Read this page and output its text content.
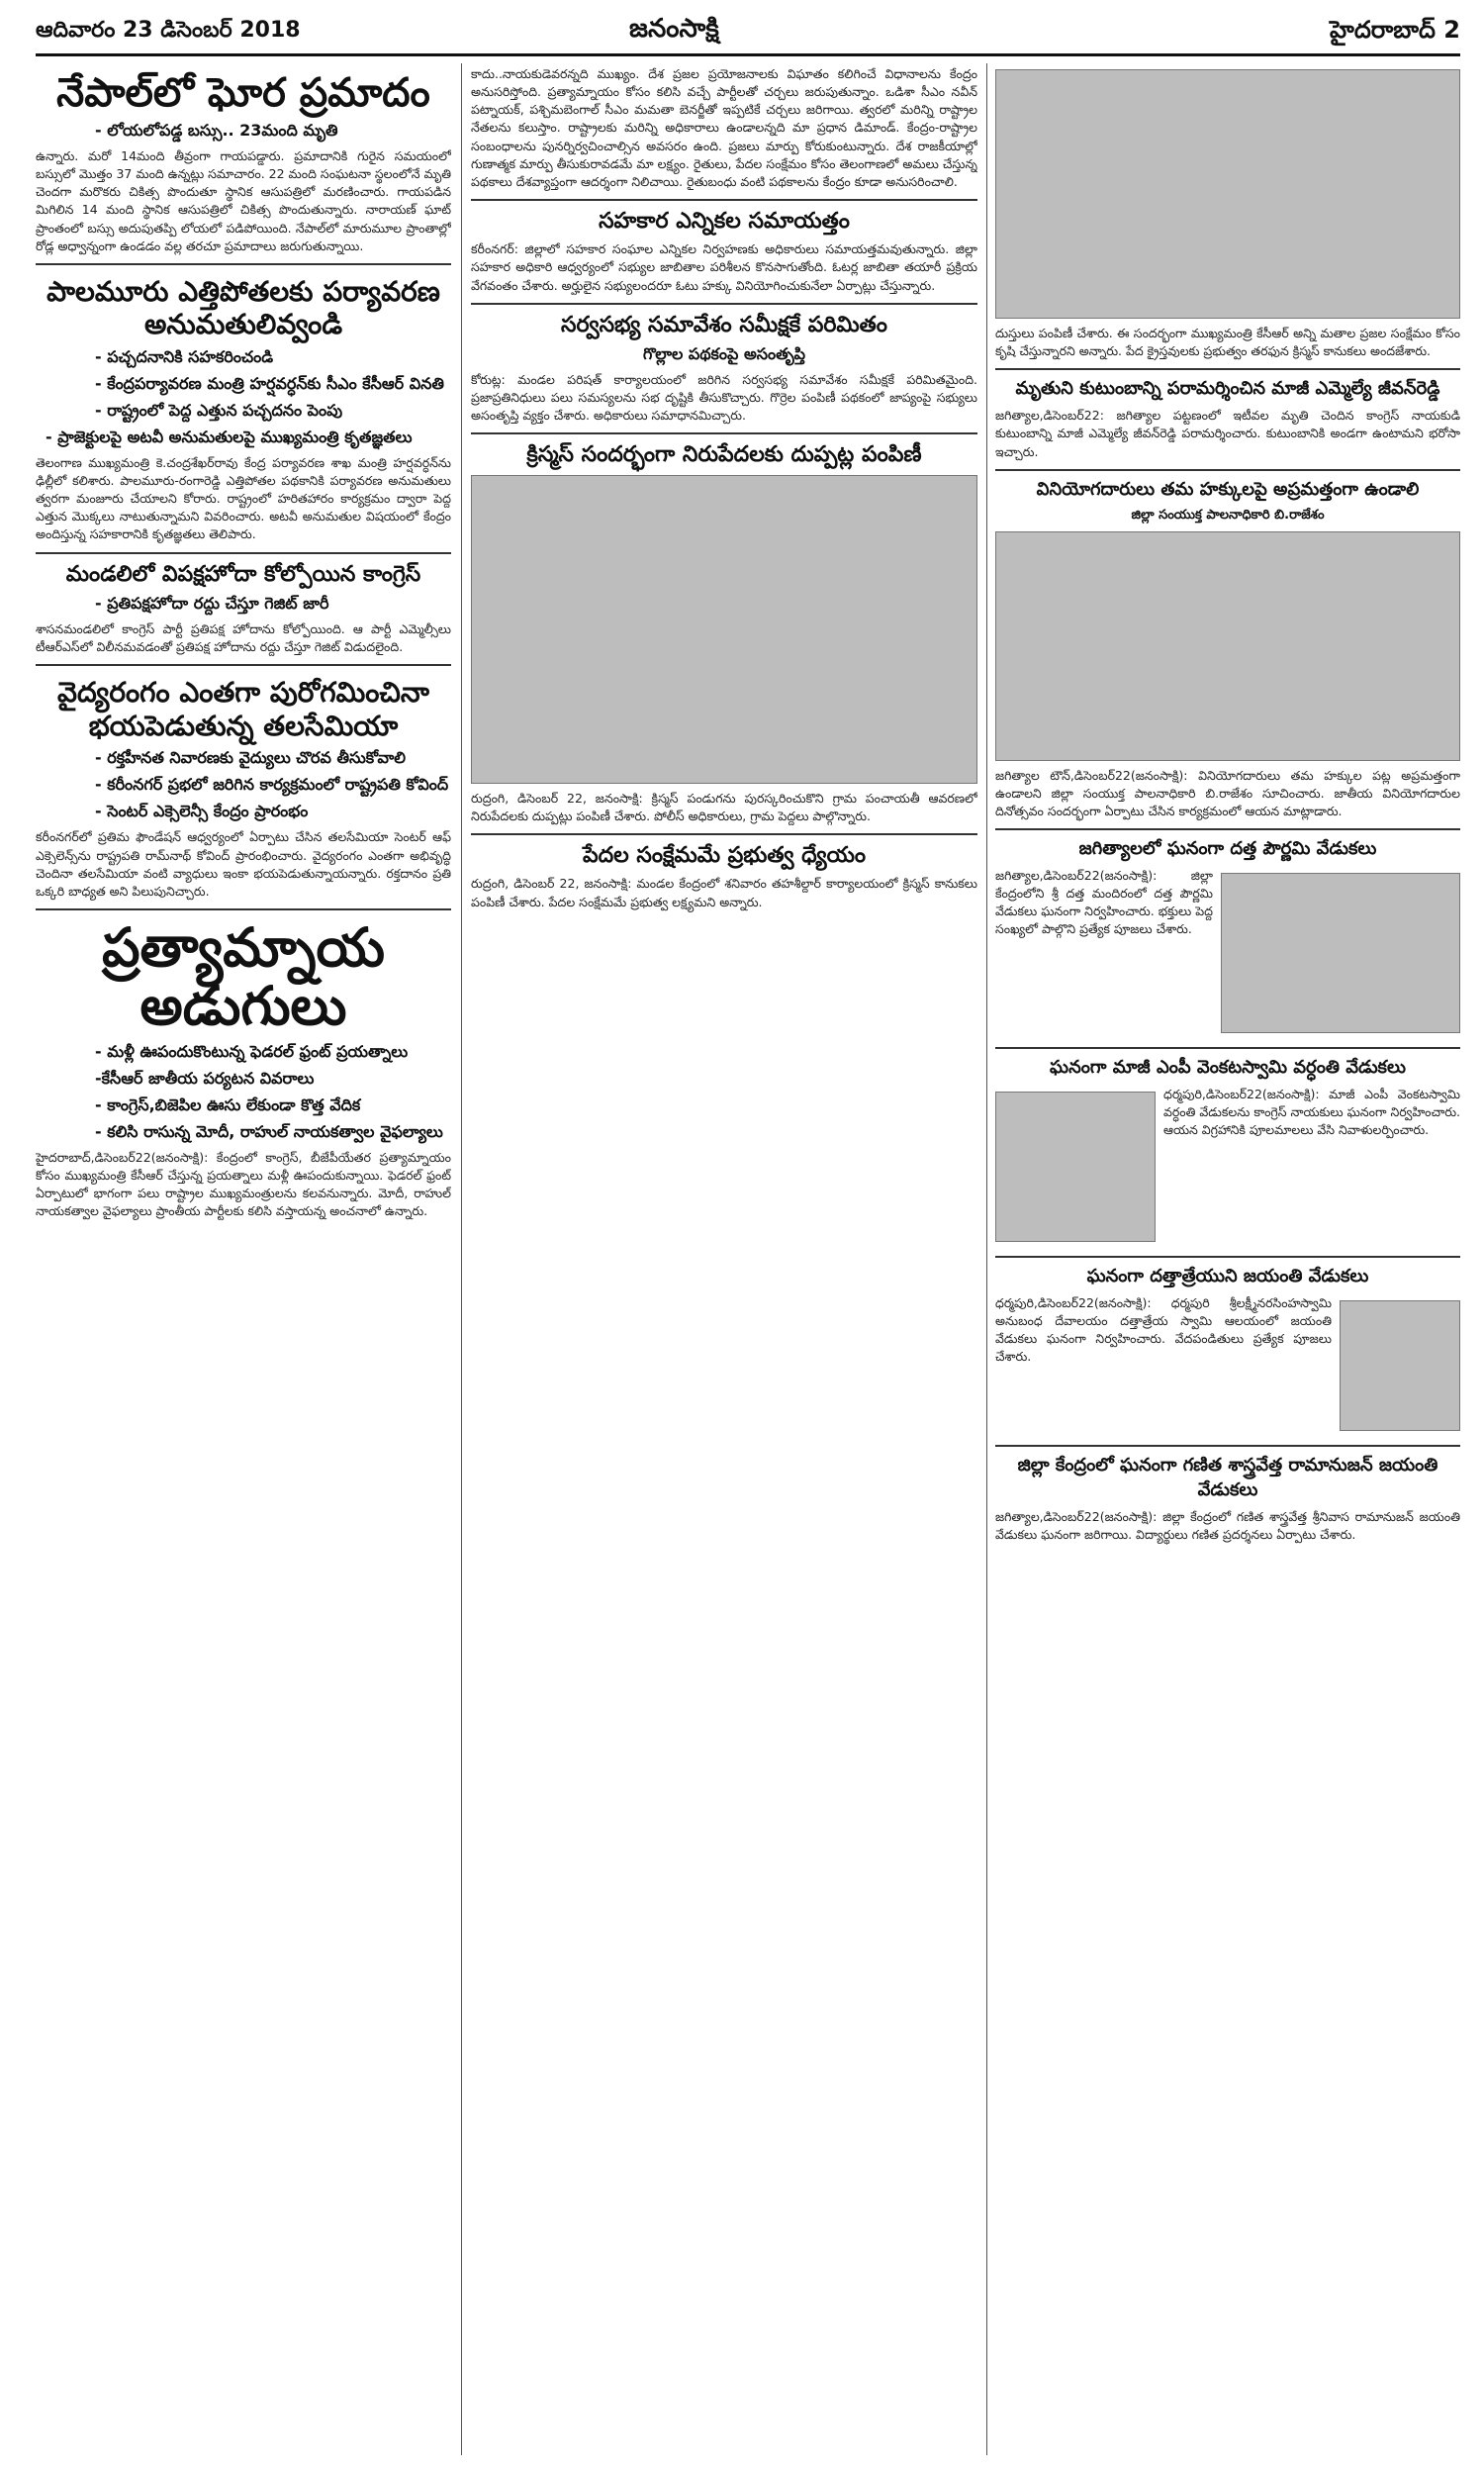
ఆదివారం 23 డిసెంబర్ 2018	జనంసాక్షి	హైదరాబాద్ 2
నేపాల్‌లో ఘోర ప్రమాదం
- లోయలోపడ్డ బస్సు.. 23మంది మృతి
ఉన్నారు. మరో 14మంది తీవ్రంగా గాయపడ్డారు. ప్రమాదానికి గురైన సమయంలో బస్సులో మొత్తం 37 మంది ఉన్నట్లు సమాచారం. 22 మంది సంఘటనా స్థలంలోనే మృతి చెందగా మరొకరు చికిత్స పొందుతూ స్థానిక ఆసుపత్రిలో మరణించారు. గాయపడిన మిగిలిన 14 మంది స్థానిక ఆసుపత్రిలో చికిత్స పొందుతున్నారు. నారాయణ్ ఘాట్ ప్రాంతంలో బస్సు అదుపుతప్పి లోయలో పడిపోయింది. నేపాల్‌లో మారుమూల ప్రాంతాల్లో రోడ్ల అధ్వాన్నంగా ఉండడం వల్ల తరచూ ప్రమాదాలు జరుగుతున్నాయి.
పాలమూరు ఎత్తిపోతలకు పర్యావరణ అనుమతులివ్వండి
- పచ్చదనానికి సహకరించండి
- కేంద్రపర్యావరణ మంత్రి హర్షవర్ధన్‌కు సీఎం కేసీఆర్ వినతి
- రాష్ట్రంలో పెద్ద ఎత్తున పచ్చదనం పెంపు
- ప్రాజెక్టులపై అటవీ అనుమతులపై ముఖ్యమంత్రి కృతజ్ఞతలు
తెలంగాణ ముఖ్యమంత్రి కె.చంద్రశేఖర్‌రావు కేంద్ర పర్యావరణ శాఖ మంత్రి హర్షవర్ధన్‌ను ఢిల్లీలో కలిశారు. పాలమూరు-రంగారెడ్డి ఎత్తిపోతల పథకానికి పర్యావరణ అనుమతులు త్వరగా మంజూరు చేయాలని కోరారు. రాష్ట్రంలో హరితహారం కార్యక్రమం ద్వారా పెద్ద ఎత్తున మొక్కలు నాటుతున్నామని వివరించారు. అటవీ అనుమతుల విషయంలో కేంద్రం అందిస్తున్న సహకారానికి కృతజ్ఞతలు తెలిపారు.
మండలిలో విపక్షహోదా కోల్పోయిన కాంగ్రెస్
- ప్రతిపక్షహోదా రద్దు చేస్తూ గెజిట్ జారీ
శాసనమండలిలో కాంగ్రెస్ పార్టీ ప్రతిపక్ష హోదాను కోల్పోయింది. ఆ పార్టీ ఎమ్మెల్సీలు టీఆర్ఎస్‌లో విలీనమవడంతో ప్రతిపక్ష హోదాను రద్దు చేస్తూ గెజిట్ విడుదలైంది.
వైద్యరంగం ఎంతగా పురోగమించినా భయపెడుతున్న తలసేమియా
- రక్తహీనత నివారణకు వైద్యులు చొరవ తీసుకోవాలి
- కరీంనగర్ ప్రభలో జరిగిన కార్యక్రమంలో రాష్ట్రపతి కోవింద్
- సెంటర్ ఎక్సెలెన్సీ కేంద్రం ప్రారంభం
కరీంనగర్‌లో ప్రతిమ ఫౌండేషన్ ఆధ్వర్యంలో ఏర్పాటు చేసిన తలసేమియా సెంటర్ ఆఫ్ ఎక్సెలెన్స్‌ను రాష్ట్రపతి రామ్‌నాథ్ కోవింద్ ప్రారంభించారు. వైద్యరంగం ఎంతగా అభివృద్ధి చెందినా తలసేమియా వంటి వ్యాధులు ఇంకా భయపెడుతున్నాయన్నారు. రక్తదానం ప్రతి ఒక్కరి బాధ్యత అని పిలుపునిచ్చారు.
ప్రత్యామ్నాయ అడుగులు
- మళ్లీ ఊపందుకొంటున్న ఫెడరల్ ఫ్రంట్ ప్రయత్నాలు
-కేసీఆర్ జాతీయ పర్యటన వివరాలు
- కాంగ్రెస్,బిజెపిల ఊసు లేకుండా కొత్త వేదిక
- కలిసి రాసున్న మోదీ, రాహుల్ నాయకత్వాల వైఫల్యాలు
హైదరాబాద్,డిసెంబర్22(జనంసాక్షి): కేంద్రంలో కాంగ్రెస్, బీజేపీయేతర ప్రత్యామ్నాయం కోసం ముఖ్యమంత్రి కేసీఆర్ చేస్తున్న ప్రయత్నాలు మళ్లీ ఊపందుకున్నాయి. ఫెడరల్ ఫ్రంట్ ఏర్పాటులో భాగంగా పలు రాష్ట్రాల ముఖ్యమంత్రులను కలవనున్నారు. మోదీ, రాహుల్ నాయకత్వాల వైఫల్యాలు ప్రాంతీయ పార్టీలకు కలిసి వస్తాయన్న అంచనాలో ఉన్నారు.
కాదు..నాయకుడెవరన్నది ముఖ్యం. దేశ ప్రజల ప్రయోజనాలకు విఘాతం కలిగించే విధానాలను కేంద్రం అనుసరిస్తోంది. ప్రత్యామ్నాయం కోసం కలిసి వచ్చే పార్టీలతో చర్చలు జరుపుతున్నాం. ఒడిశా సీఎం నవీన్ పట్నాయక్, పశ్చిమబెంగాల్ సీఎం మమతా బెనర్జీతో ఇప్పటికే చర్చలు జరిగాయి. త్వరలో మరిన్ని రాష్ట్రాల నేతలను కలుస్తాం. రాష్ట్రాలకు మరిన్ని అధికారాలు ఉండాలన్నది మా ప్రధాన డిమాండ్. కేంద్రం-రాష్ట్రాల సంబంధాలను పునర్నిర్వచించాల్సిన అవసరం ఉంది. ప్రజలు మార్పు కోరుకుంటున్నారు. దేశ రాజకీయాల్లో గుణాత్మక మార్పు తీసుకురావడమే మా లక్ష్యం. రైతులు, పేదల సంక్షేమం కోసం తెలంగాణలో అమలు చేస్తున్న పథకాలు దేశవ్యాప్తంగా ఆదర్శంగా నిలిచాయి. రైతుబంధు వంటి పథకాలను కేంద్రం కూడా అనుసరించాలి.
సహకార ఎన్నికల సమాయత్తం
కరీంనగర్: జిల్లాలో సహకార సంఘాల ఎన్నికల నిర్వహణకు అధికారులు సమాయత్తమవుతున్నారు. జిల్లా సహకార అధికారి ఆధ్వర్యంలో సభ్యుల జాబితాల పరిశీలన కొనసాగుతోంది. ఓటర్ల జాబితా తయారీ ప్రక్రియ వేగవంతం చేశారు. అర్హులైన సభ్యులందరూ ఓటు హక్కు వినియోగించుకునేలా ఏర్పాట్లు చేస్తున్నారు.
సర్వసభ్య సమావేశం సమీక్షకే పరిమితం
గొల్లాల పథకంపై అసంతృప్తి
కోరుట్ల: మండల పరిషత్ కార్యాలయంలో జరిగిన సర్వసభ్య సమావేశం సమీక్షకే పరిమితమైంది. ప్రజాప్రతినిధులు పలు సమస్యలను సభ దృష్టికి తీసుకొచ్చారు. గొర్రెల పంపిణీ పథకంలో జాప్యంపై సభ్యులు అసంతృప్తి వ్యక్తం చేశారు. అధికారులు సమాధానమిచ్చారు.
క్రిస్మస్ సందర్భంగా నిరుపేదలకు దుప్పట్ల పంపిణీ
రుద్రంగి, డిసెంబర్ 22, జనంసాక్షి: క్రిస్మస్ పండుగను పురస్కరించుకొని గ్రామ పంచాయతీ ఆవరణలో నిరుపేదలకు దుప్పట్లు పంపిణీ చేశారు. పోలీస్ అధికారులు, గ్రామ పెద్దలు పాల్గొన్నారు.
పేదల సంక్షేమమే ప్రభుత్వ ధ్యేయం
రుద్రంగి, డిసెంబర్ 22, జనంసాక్షి: మండల కేంద్రంలో శనివారం తహశీల్దార్ కార్యాలయంలో క్రిస్మస్ కానుకలు పంపిణీ చేశారు. పేదల సంక్షేమమే ప్రభుత్వ లక్ష్యమని అన్నారు.
దుస్తులు పంపిణీ చేశారు. ఈ సందర్భంగా ముఖ్యమంత్రి కేసీఆర్ అన్ని మతాల ప్రజల సంక్షేమం కోసం కృషి చేస్తున్నారని అన్నారు. పేద క్రైస్తవులకు ప్రభుత్వం తరఫున క్రిస్మస్ కానుకలు అందజేశారు.
మృతుని కుటుంబాన్ని పరామర్శించిన మాజీ ఎమ్మెల్యే జీవన్‌రెడ్డి
జగిత్యాల,డిసెంబర్22: జగిత్యాల పట్టణంలో ఇటీవల మృతి చెందిన కాంగ్రెస్ నాయకుడి కుటుంబాన్ని మాజీ ఎమ్మెల్యే జీవన్‌రెడ్డి పరామర్శించారు. కుటుంబానికి అండగా ఉంటామని భరోసా ఇచ్చారు.
వినియోగదారులు తమ హక్కులపై అప్రమత్తంగా ఉండాలి
జిల్లా సంయుక్త పాలనాధికారి బి.రాజేశం
జగిత్యాల టౌన్,డిసెంబర్22(జనంసాక్షి): వినియోగదారులు తమ హక్కుల పట్ల అప్రమత్తంగా ఉండాలని జిల్లా సంయుక్త పాలనాధికారి బి.రాజేశం సూచించారు. జాతీయ వినియోగదారుల దినోత్సవం సందర్భంగా ఏర్పాటు చేసిన కార్యక్రమంలో ఆయన మాట్లాడారు.
జగిత్యాలలో ఘనంగా దత్త పౌర్ణమి వేడుకలు
జగిత్యాల,డిసెంబర్22(జనంసాక్షి): జిల్లా కేంద్రంలోని శ్రీ దత్త మందిరంలో దత్త పౌర్ణమి వేడుకలు ఘనంగా నిర్వహించారు. భక్తులు పెద్ద సంఖ్యలో పాల్గొని ప్రత్యేక పూజలు చేశారు.
ఘనంగా మాజీ ఎంపీ వెంకటస్వామి వర్ధంతి వేడుకలు
ధర్మపురి,డిసెంబర్22(జనంసాక్షి): మాజీ ఎంపీ వెంకటస్వామి వర్ధంతి వేడుకలను కాంగ్రెస్ నాయకులు ఘనంగా నిర్వహించారు. ఆయన విగ్రహానికి పూలమాలలు వేసి నివాళులర్పించారు.
ఘనంగా దత్తాత్రేయుని జయంతి వేడుకలు
ధర్మపురి,డిసెంబర్22(జనంసాక్షి): ధర్మపురి శ్రీలక్ష్మీనరసింహస్వామి అనుబంధ దేవాలయం దత్తాత్రేయ స్వామి ఆలయంలో జయంతి వేడుకలు ఘనంగా నిర్వహించారు. వేదపండితులు ప్రత్యేక పూజలు చేశారు.
జిల్లా కేంద్రంలో ఘనంగా గణిత శాస్త్రవేత్త రామానుజన్ జయంతి వేడుకలు
జగిత్యాల,డిసెంబర్22(జనంసాక్షి): జిల్లా కేంద్రంలో గణిత శాస్త్రవేత్త శ్రీనివాస రామానుజన్ జయంతి వేడుకలు ఘనంగా జరిగాయి. విద్యార్థులు గణిత ప్రదర్శనలు ఏర్పాటు చేశారు.
